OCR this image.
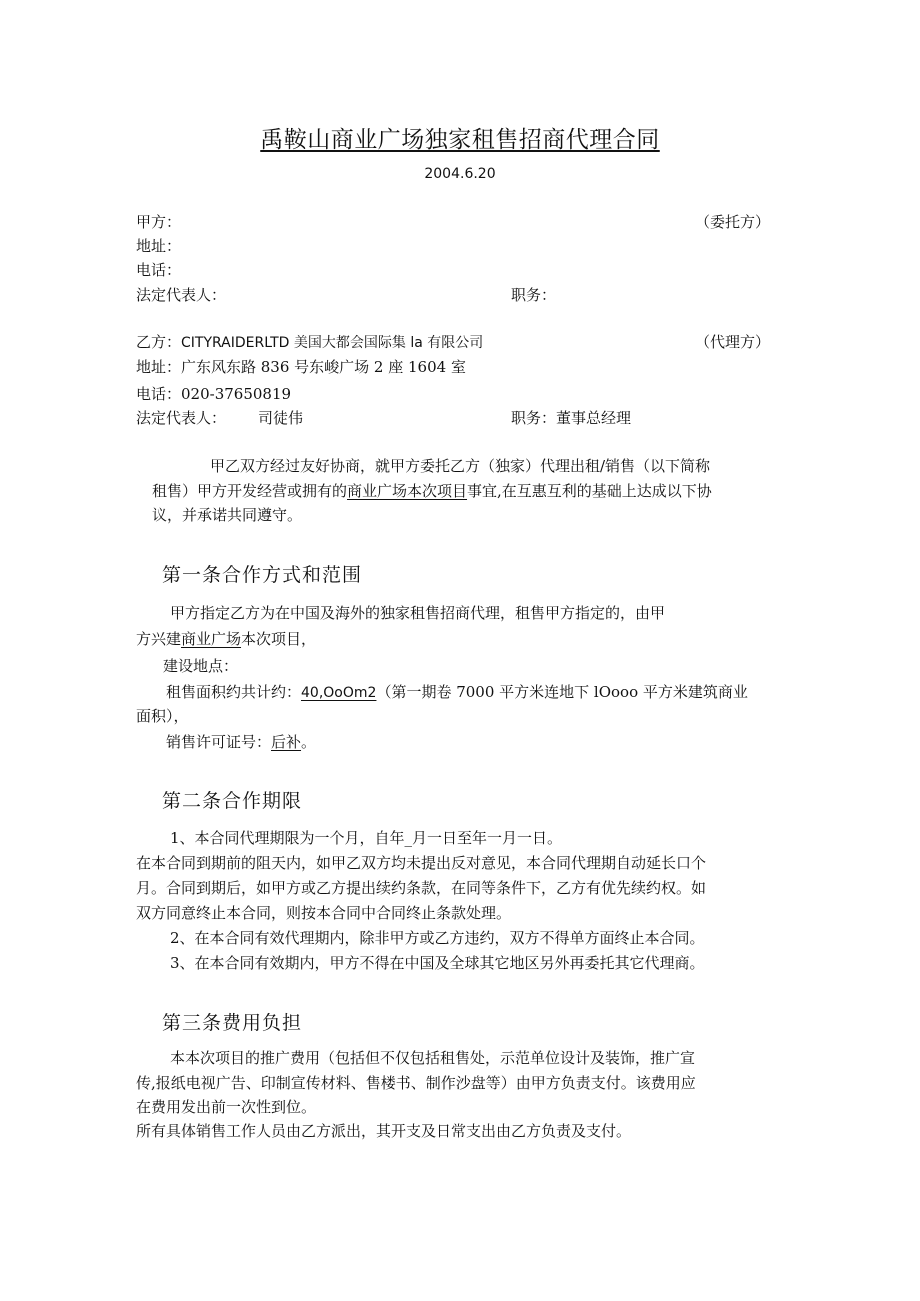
禹鞍山商业广场独家租售招商代理合同
2004.6.20
甲方：	（委托方）
地址：
电话：
法定代表人：	职务：
乙方：CITYRAIDERLTD 美国大都会国际集 la 有限公司	（代理方）
地址：广东风东路 836 号东峻广场 2 座 1604 室
电话：020-37650819
法定代表人： 司徒伟	职务：董事总经理
甲乙双方经过友好协商，就甲方委托乙方（独家）代理出租/销售（以下简称
租售）甲方开发经营或拥有的商业广场本次项目事宜,在互惠互利的基础上达成以下协
议，并承诺共同遵守。
第一条合作方式和范围
甲方指定乙方为在中国及海外的独家租售招商代理，租售甲方指定的，由甲
方兴建商业广场本次项目，
建设地点：
租售面积约共计约：40,OoOm2（第一期卷 7000 平方米连地下 lOooo 平方米建筑商业
面积），
销售许可证号：后补。
第二条合作期限
1、本合同代理期限为一个月，自年_月一日至年一月一日。
在本合同到期前的阻天内，如甲乙双方均未提出反对意见，本合同代理期自动延长口个
月。合同到期后，如甲方或乙方提出续约条款，在同等条件下，乙方有优先续约权。如
双方同意终止本合同，则按本合同中合同终止条款处理。
2、在本合同有效代理期内，除非甲方或乙方违约，双方不得单方面终止本合同。
3、在本合同有效期内，甲方不得在中国及全球其它地区另外再委托其它代理商。
第三条费用负担
本本次项目的推广费用（包括但不仅包括租售处，示范单位设计及装饰，推广宣
传,报纸电视广告、印制宣传材料、售楼书、制作沙盘等）由甲方负责支付。该费用应
在费用发出前一次性到位。
所有具体销售工作人员由乙方派出，其开支及日常支出由乙方负责及支付。
